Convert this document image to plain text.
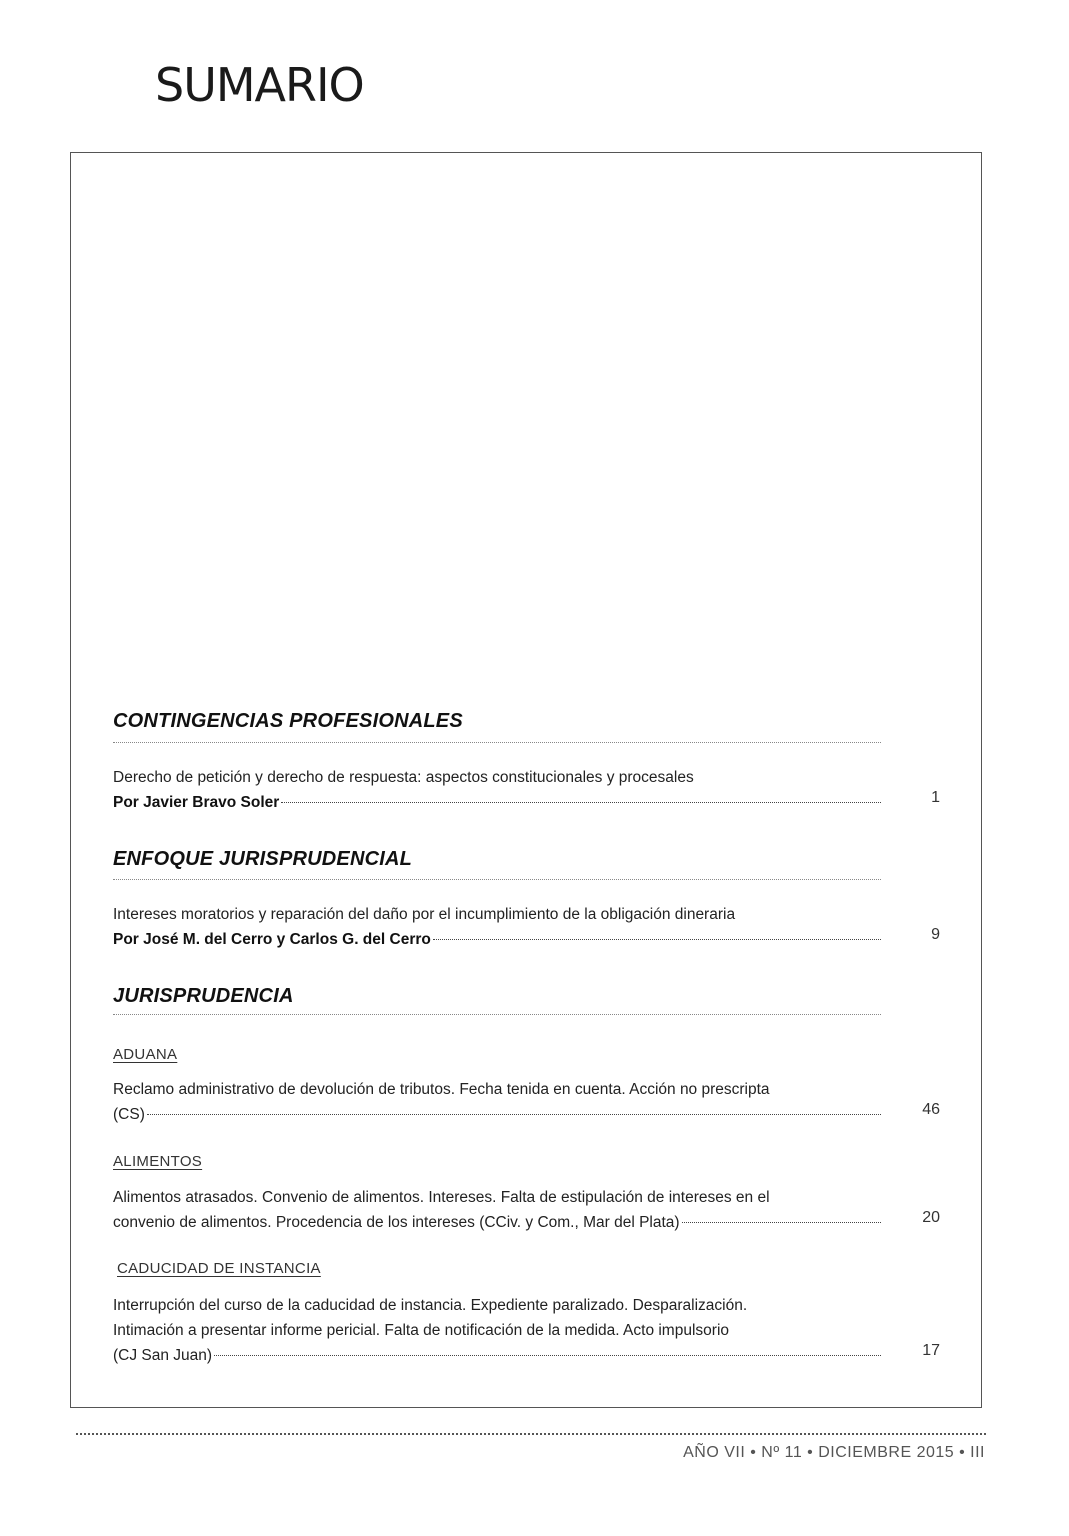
SUMARIO
CONTINGENCIAS PROFESIONALES
Derecho de petición y derecho de respuesta: aspectos constitucionales y procesales
Por Javier Bravo Soler	1
ENFOQUE JURISPRUDENCIAL
Intereses moratorios y reparación del daño por el incumplimiento de la obligación dineraria
Por José M. del Cerro y Carlos G. del Cerro	9
JURISPRUDENCIA
ADUANA
Reclamo administrativo de devolución de tributos. Fecha tenida en cuenta. Acción no prescripta
(CS)	46
ALIMENTOS
Alimentos atrasados. Convenio de alimentos. Intereses. Falta de estipulación de intereses en el
convenio de alimentos. Procedencia de los intereses (CCiv. y Com., Mar del Plata)	20
CADUCIDAD DE INSTANCIA
Interrupción del curso de la caducidad de instancia. Expediente paralizado. Desparalización.
Intimación a presentar informe pericial. Falta de notificación de la medida. Acto impulsorio
(CJ San Juan)	17
AÑO VII • Nº 11 • DICIEMBRE 2015 • III
